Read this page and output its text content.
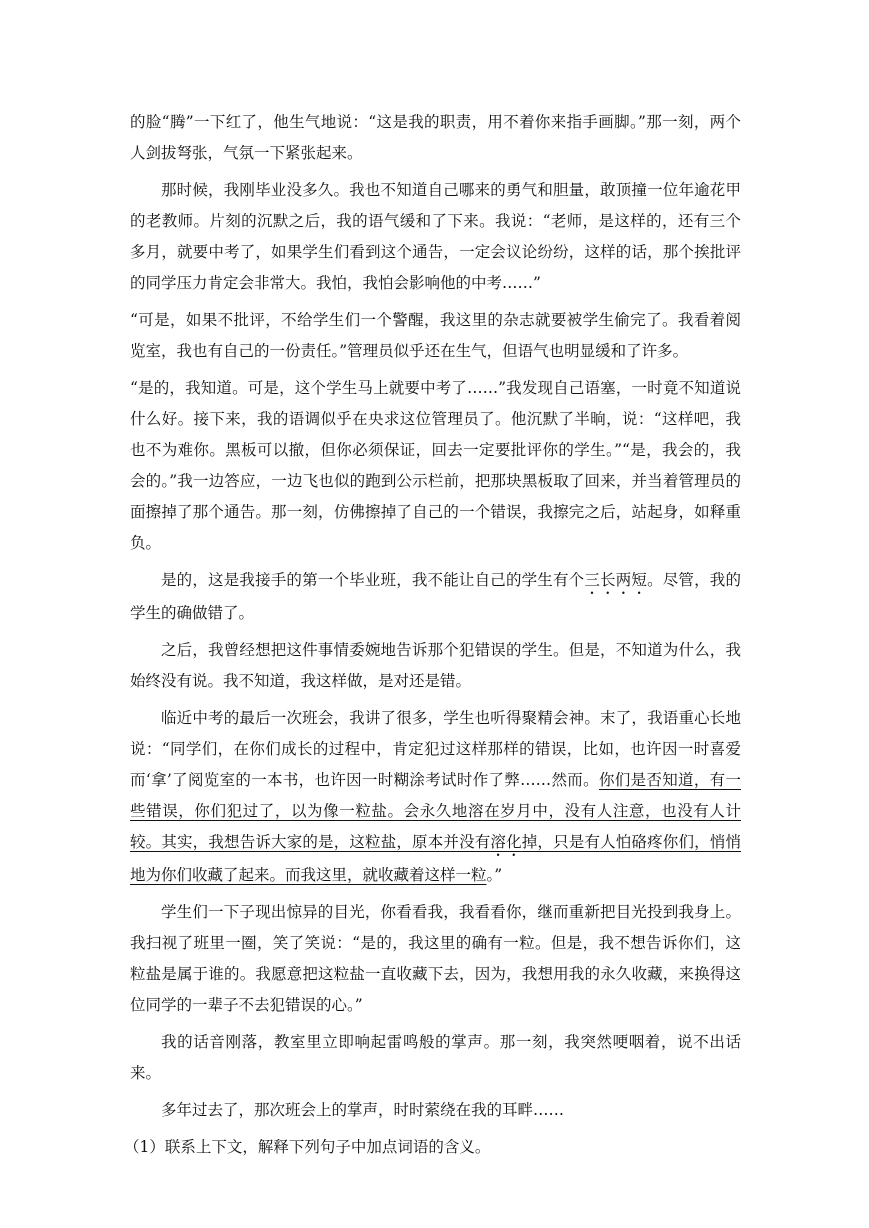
的脸“腾”一下红了，他生气地说：“这是我的职责，用不着你来指手画脚。”那一刻，两个人剑拔弩张，气氛一下紧张起来。

那时候，我刚毕业没多久。我也不知道自己哪来的勇气和胆量，敢顶撞一位年逾花甲的老教师。片刻的沉默之后，我的语气缓和了下来。我说：“老师，是这样的，还有三个多月，就要中考了，如果学生们看到这个通告，一定会议论纷纷，这样的话，那个挨批评的同学压力肯定会非常大。我怕，我怕会影响他的中考……”

“可是，如果不批评，不给学生们一个警醒，我这里的杂志就要被学生偷完了。我看着阅览室，我也有自己的一份责任。”管理员似乎还在生气，但语气也明显缓和了许多。

“是的，我知道。可是，这个学生马上就要中考了……”我发现自己语塞，一时竟不知道说什么好。接下来，我的语调似乎在央求这位管理员了。他沉默了半晌，说：“这样吧，我也不为难你。黑板可以撤，但你必须保证，回去一定要批评你的学生。”“是，我会的，我会的。”我一边答应，一边飞也似的跑到公示栏前，把那块黑板取了回来，并当着管理员的面擦掉了那个通告。那一刻，仿佛擦掉了自己的一个错误，我擦完之后，站起身，如释重负。

是的，这是我接手的第一个毕业班，我不能让自己的学生有个三长两短。尽管，我的学生的确做错了。

之后，我曾经想把这件事情委婉地告诉那个犯错误的学生。但是，不知道为什么，我始终没有说。我不知道，我这样做，是对还是错。

临近中考的最后一次班会，我讲了很多，学生也听得聚精会神。末了，我语重心长地说：“同学们，在你们成长的过程中，肯定犯过这样那样的错误，比如，也许因一时喜爱而‘拿’了阅览室的一本书，也许因一时糊涂考试时作了弊……然而。你们是否知道，有一些错误，你们犯过了，以为像一粒盐。会永久地溶在岁月中，没有人注意，也没有人计较。其实，我想告诉大家的是，这粒盐，原本并没有溶化掉，只是有人怕硌疼你们，悄悄地为你们收藏了起来。而我这里，就收藏着这样一粒。”

学生们一下子现出惊异的目光，你看看我，我看看你，继而重新把目光投到我身上。我扫视了班里一圈，笑了笑说：“是的，我这里的确有一粒。但是，我不想告诉你们，这粒盐是属于谁的。我愿意把这粒盐一直收藏下去，因为，我想用我的永久收藏，来换得这位同学的一辈子不去犯错误的心。”

我的话音刚落，教室里立即响起雷鸣般的掌声。那一刻，我突然哽咽着，说不出话来。

多年过去了，那次班会上的掌声，时时萦绕在我的耳畔……

（1）联系上下文，解释下列句子中加点词语的含义。
